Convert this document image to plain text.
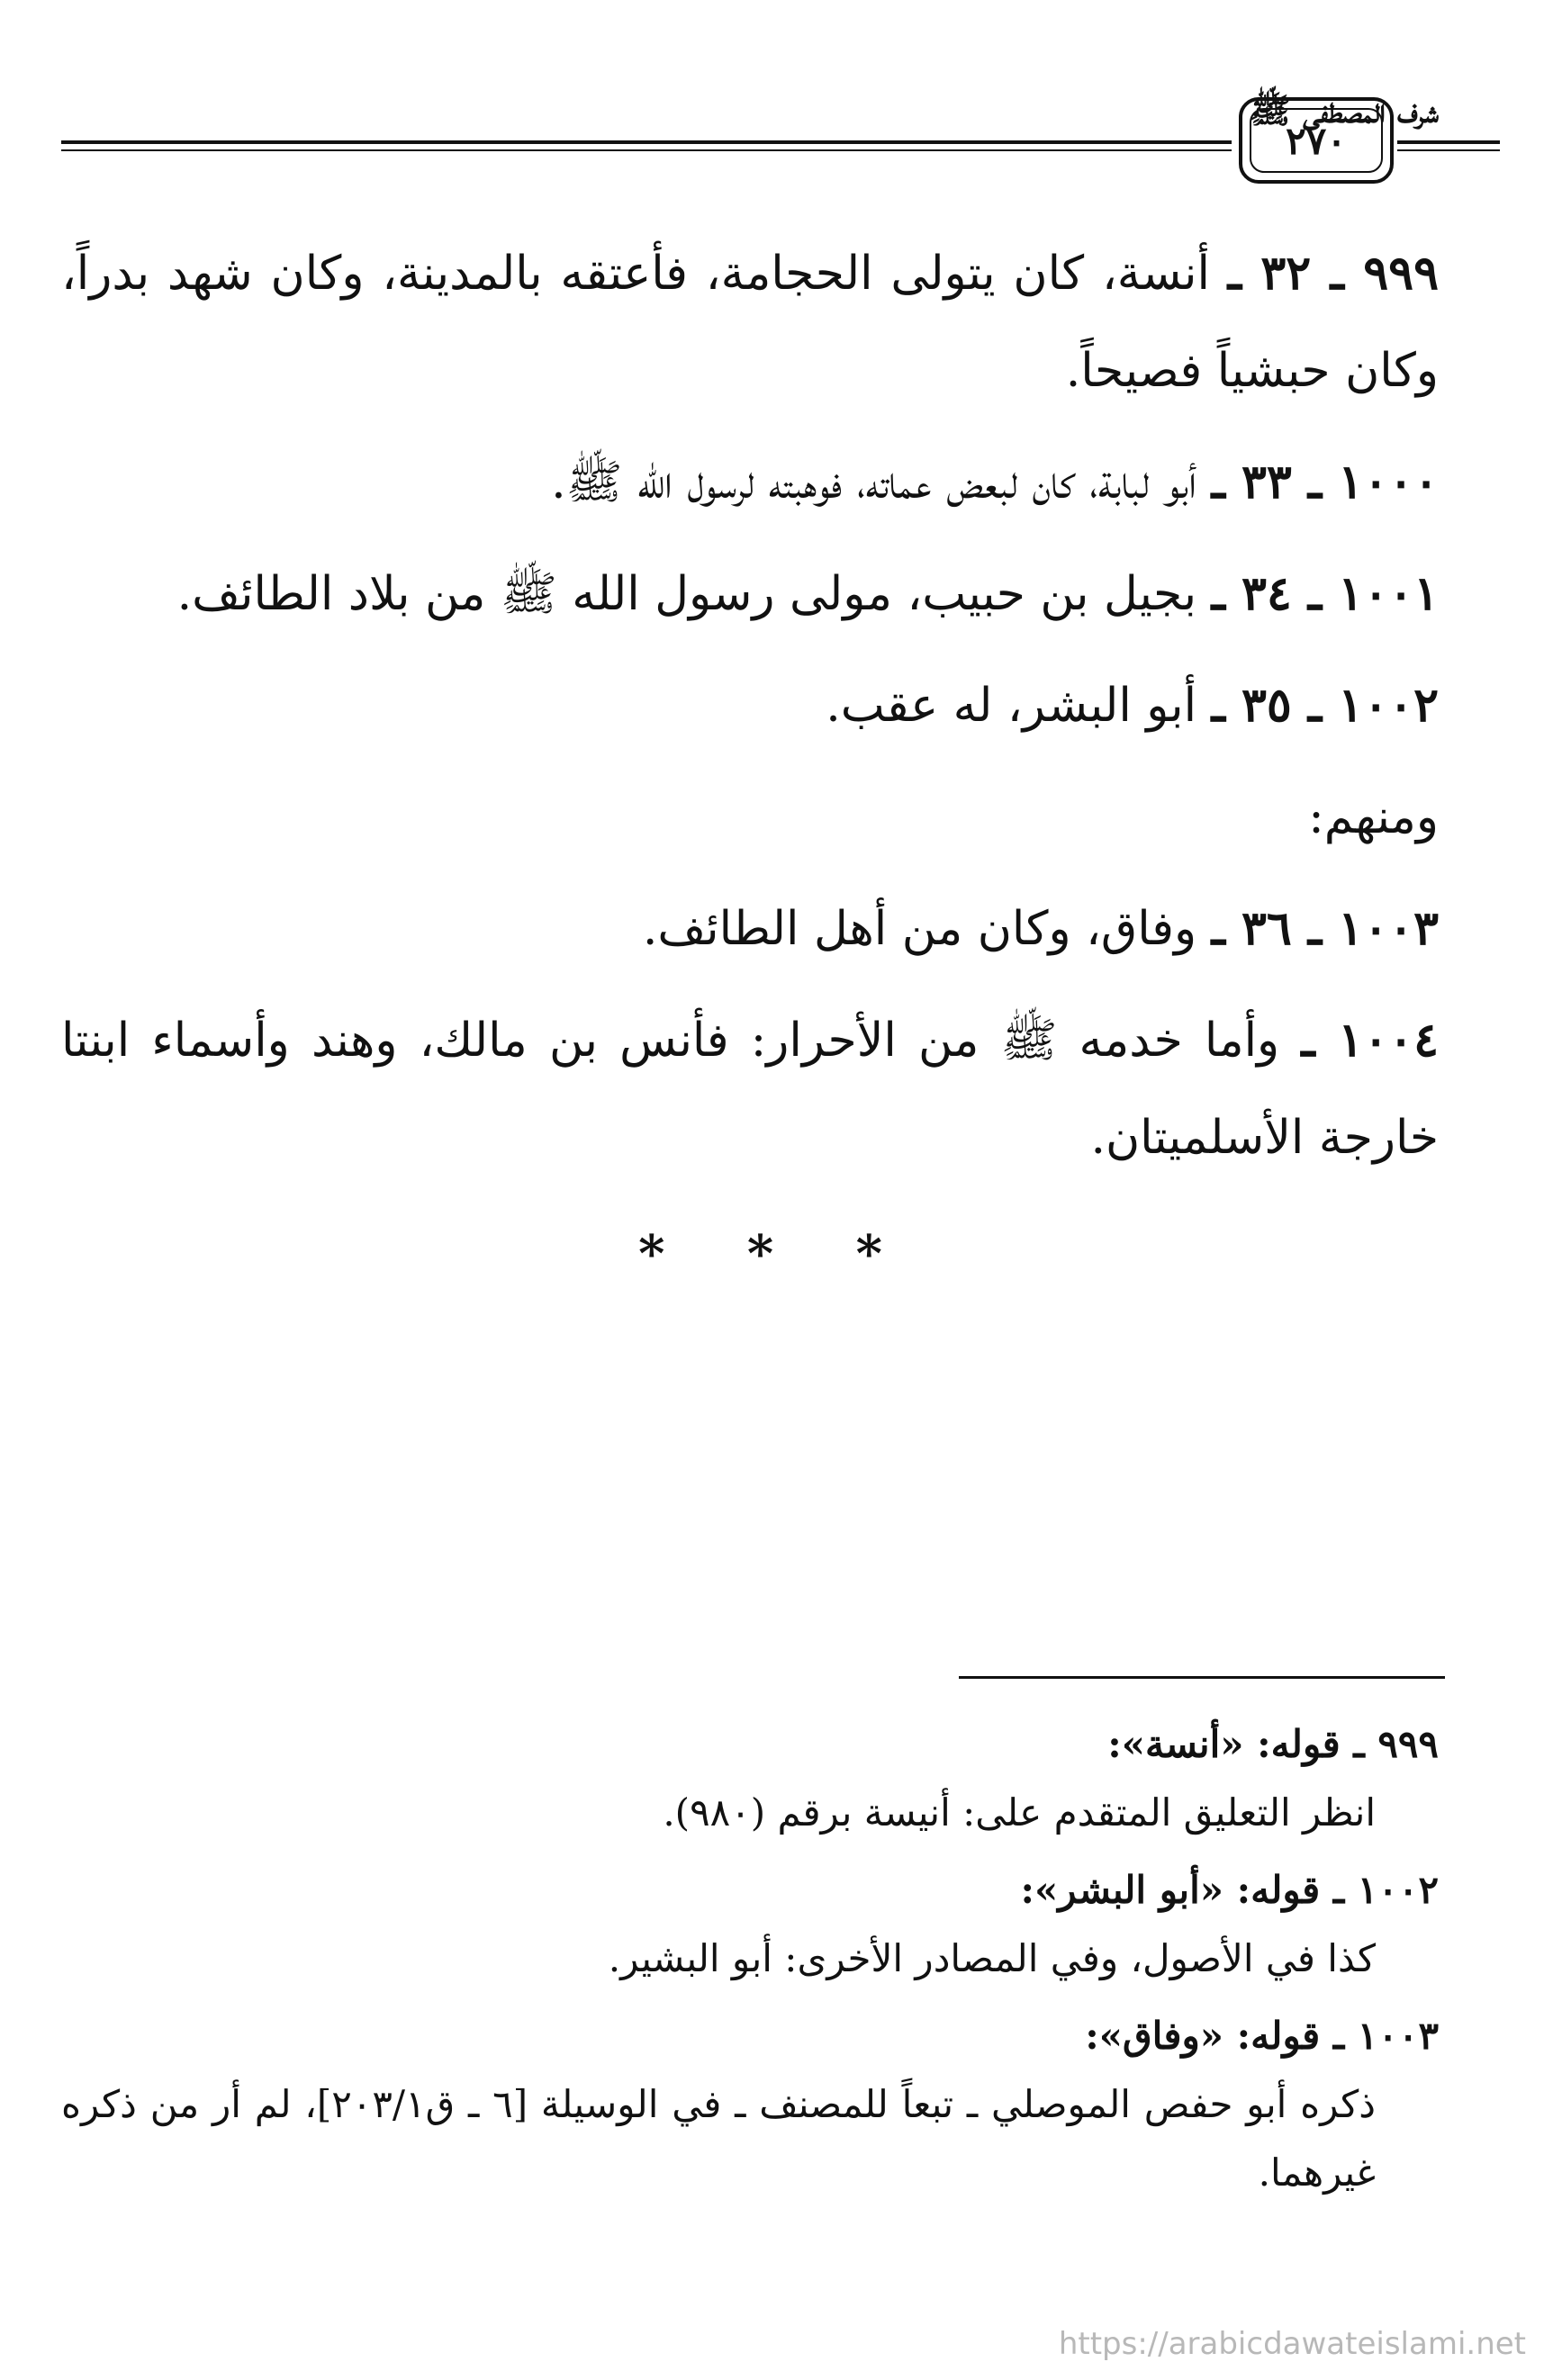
شرف المصطفى ﷺ
٢٧٠

٩٩٩ ـ ٣٢ ـ أنسة، كان يتولى الحجامة، فأعتقه بالمدينة، وكان شهد بدراً، وكان حبشياً فصيحاً.

١٠٠٠ ـ ٣٣ ـ أبو لبابة، كان لبعض عماته، فوهبته لرسول الله ﷺ.

١٠٠١ ـ ٣٤ ـ بجيل بن حبيب، مولى رسول الله ﷺ من بلاد الطائف.

١٠٠٢ ـ ٣٥ ـ أبو البشر، له عقب.

ومنهم:

١٠٠٣ ـ ٣٦ ـ وفاق، وكان من أهل الطائف.

١٠٠٤ ـ وأما خدمه ﷺ من الأحرار: فأنس بن مالك، وهند وأسماء ابنتا خارجة الأسلميتان.

* * *

٩٩٩ ـ قوله: «أنسة»:

انظر التعليق المتقدم على: أنيسة برقم (٩٨٠).

١٠٠٢ ـ قوله: «أبو البشر»:

كذا في الأصول، وفي المصادر الأخرى: أبو البشير.

١٠٠٣ ـ قوله: «وفاق»:

ذكره أبو حفص الموصلي ـ تبعاً للمصنف ـ في الوسيلة [٦ ـ ق٢٠٣/١]، لم أر من ذكره غيرهما.

https://arabicdawateislami.net
